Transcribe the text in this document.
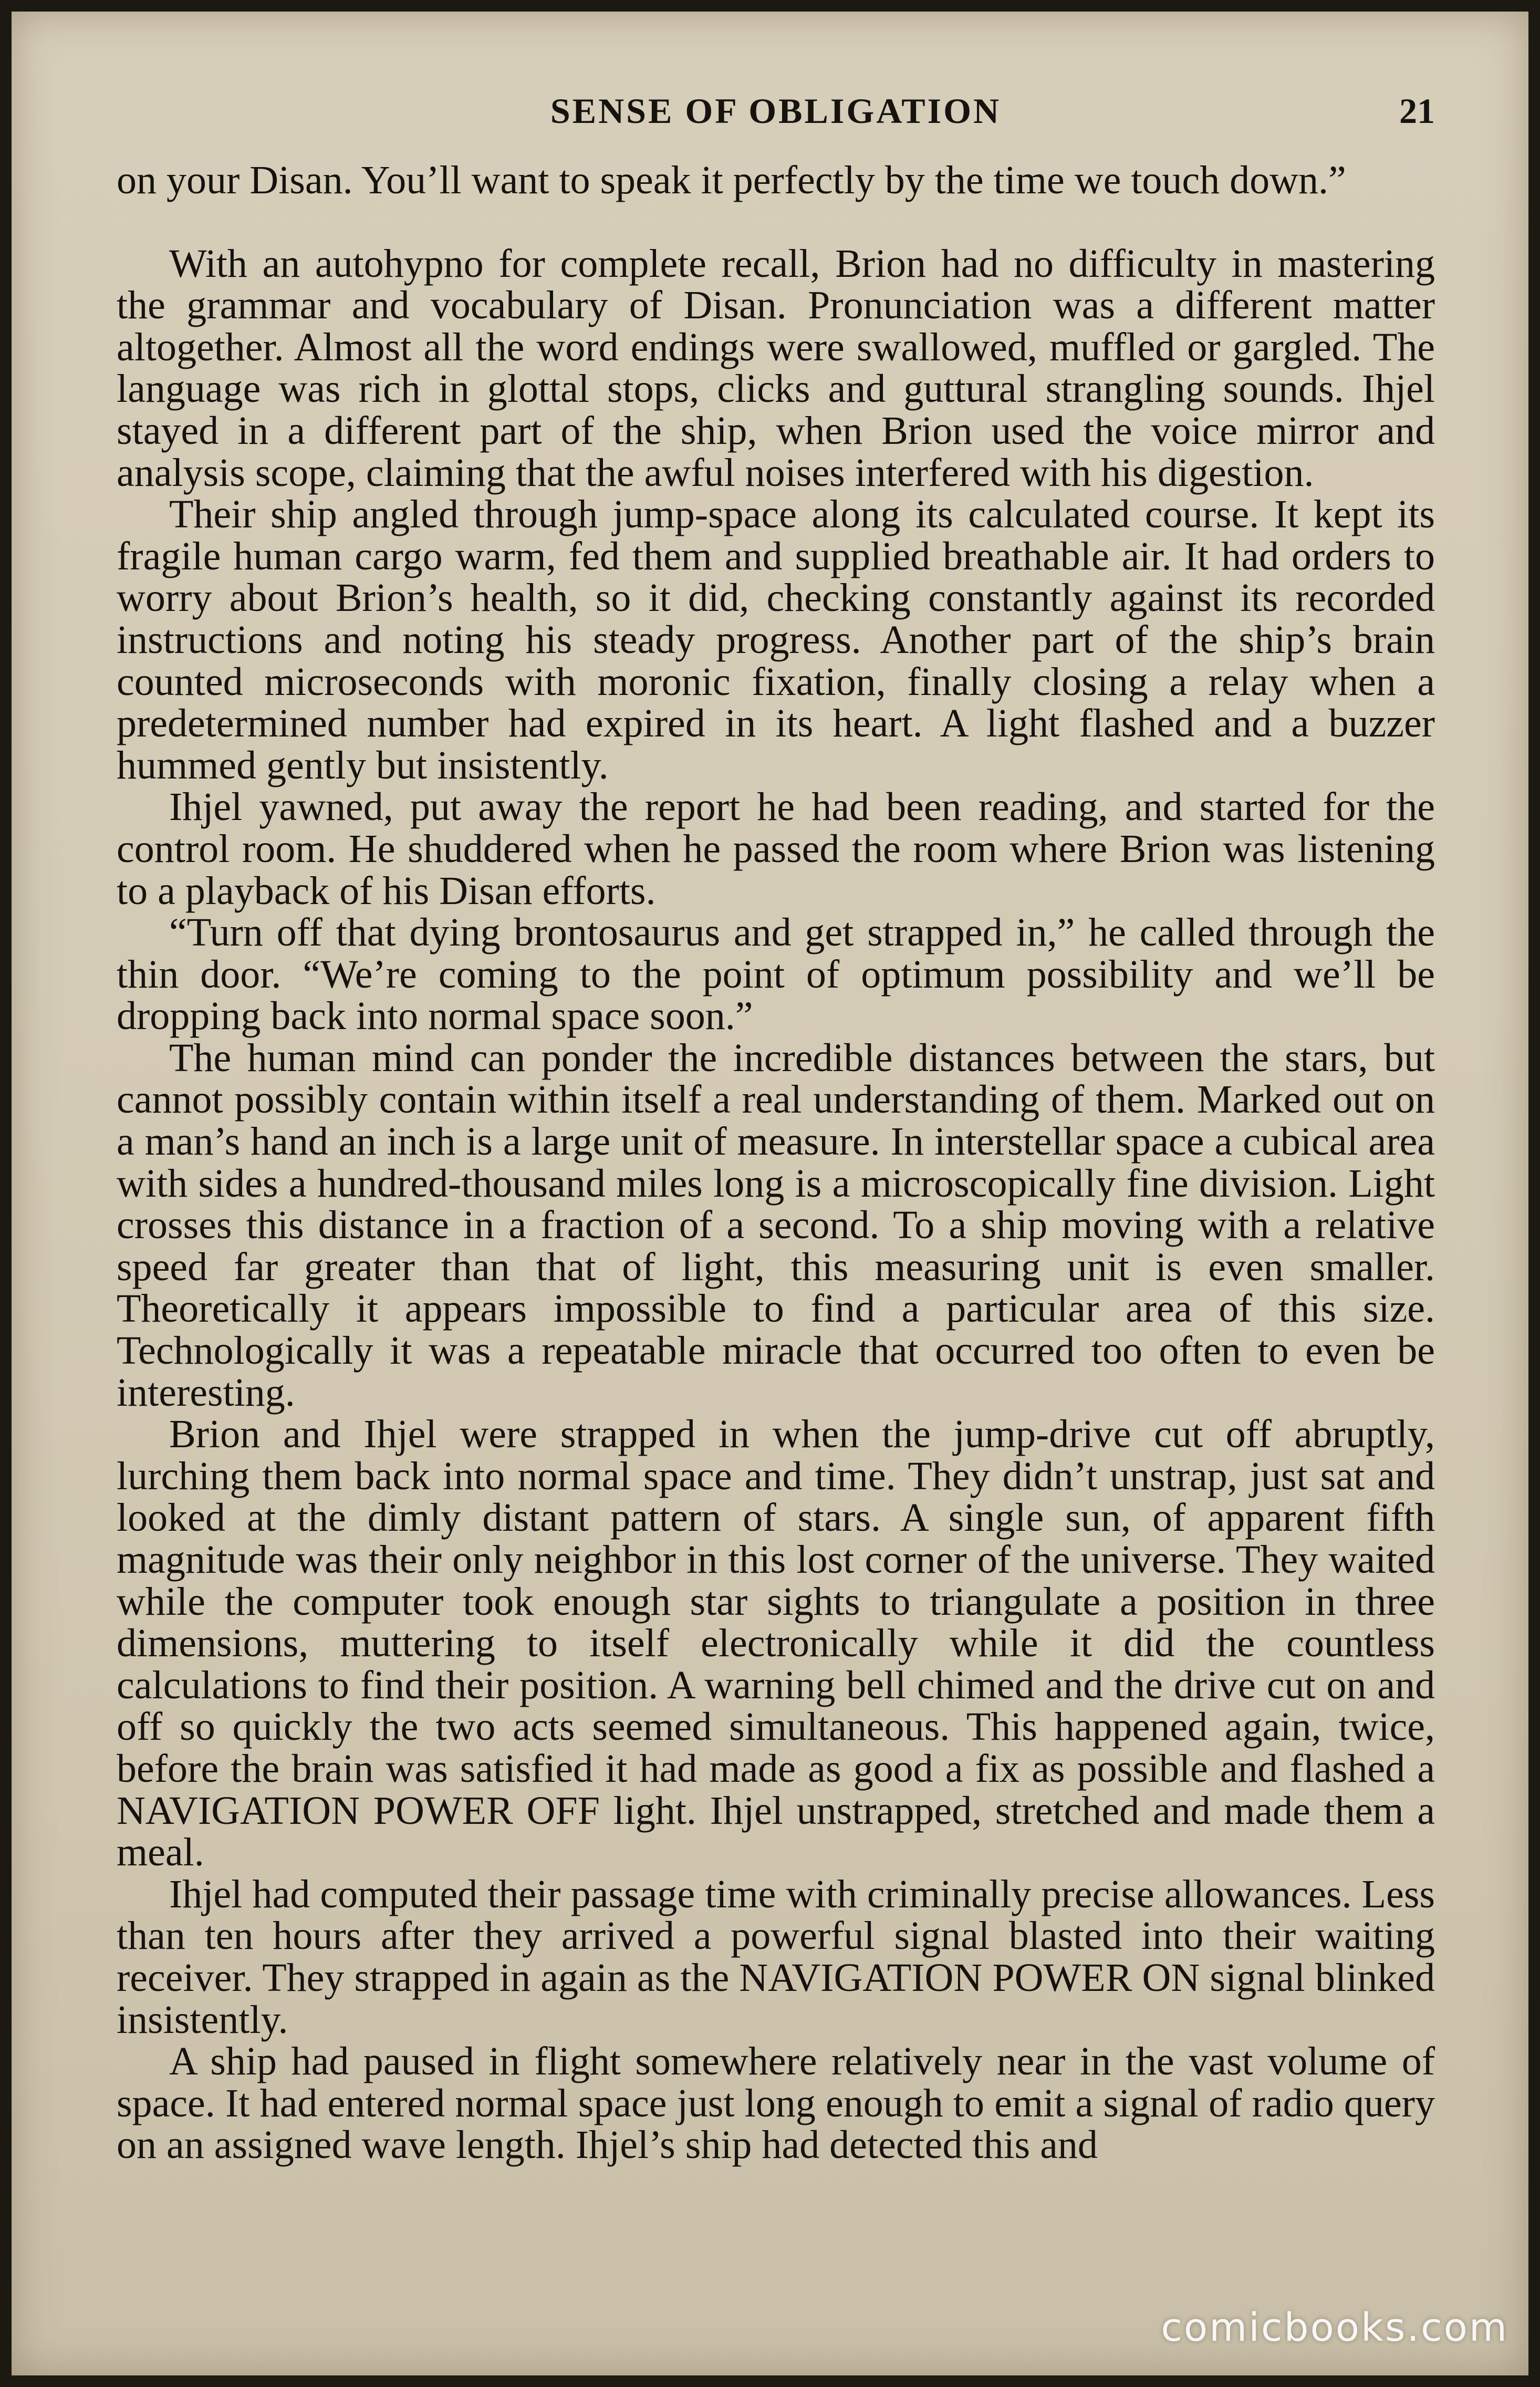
SENSE OF OBLIGATION	21

on your Disan. You’ll want to speak it perfectly by the time we touch down.”

With an autohypno for complete recall, Brion had no difficulty in mastering the grammar and vocabulary of Disan. Pronunciation was a different matter altogether. Almost all the word endings were swallowed, muffled or gargled. The language was rich in glottal stops, clicks and guttural strangling sounds. Ihjel stayed in a different part of the ship, when Brion used the voice mirror and analysis scope, claiming that the awful noises interfered with his digestion.

Their ship angled through jump-space along its calculated course. It kept its fragile human cargo warm, fed them and supplied breathable air. It had orders to worry about Brion’s health, so it did, checking constantly against its recorded instructions and noting his steady progress. Another part of the ship’s brain counted microseconds with moronic fixation, finally closing a relay when a predetermined number had expired in its heart. A light flashed and a buzzer hummed gently but insistently.

Ihjel yawned, put away the report he had been reading, and started for the control room. He shuddered when he passed the room where Brion was listening to a playback of his Disan efforts.

“Turn off that dying brontosaurus and get strapped in,” he called through the thin door. “We’re coming to the point of optimum possibility and we’ll be dropping back into normal space soon.”

The human mind can ponder the incredible distances between the stars, but cannot possibly contain within itself a real understanding of them. Marked out on a man’s hand an inch is a large unit of measure. In interstellar space a cubical area with sides a hundred-thousand miles long is a microscopically fine division. Light crosses this distance in a fraction of a second. To a ship moving with a relative speed far greater than that of light, this measuring unit is even smaller. Theoretically it appears impossible to find a particular area of this size. Technologically it was a repeatable miracle that occurred too often to even be interesting.

Brion and Ihjel were strapped in when the jump-drive cut off abruptly, lurching them back into normal space and time. They didn’t unstrap, just sat and looked at the dimly distant pattern of stars. A single sun, of apparent fifth magnitude was their only neighbor in this lost corner of the universe. They waited while the computer took enough star sights to triangulate a position in three dimensions, muttering to itself electronically while it did the countless calculations to find their position. A warning bell chimed and the drive cut on and off so quickly the two acts seemed simultaneous. This happened again, twice, before the brain was satisfied it had made as good a fix as possible and flashed a NAVIGATION POWER OFF light. Ihjel unstrapped, stretched and made them a meal.

Ihjel had computed their passage time with criminally precise allowances. Less than ten hours after they arrived a powerful signal blasted into their waiting receiver. They strapped in again as the NAVIGATION POWER ON signal blinked insistently.

A ship had paused in flight somewhere relatively near in the vast volume of space. It had entered normal space just long enough to emit a signal of radio query on an assigned wave length. Ihjel’s ship had detected this and

comicbooks.com
